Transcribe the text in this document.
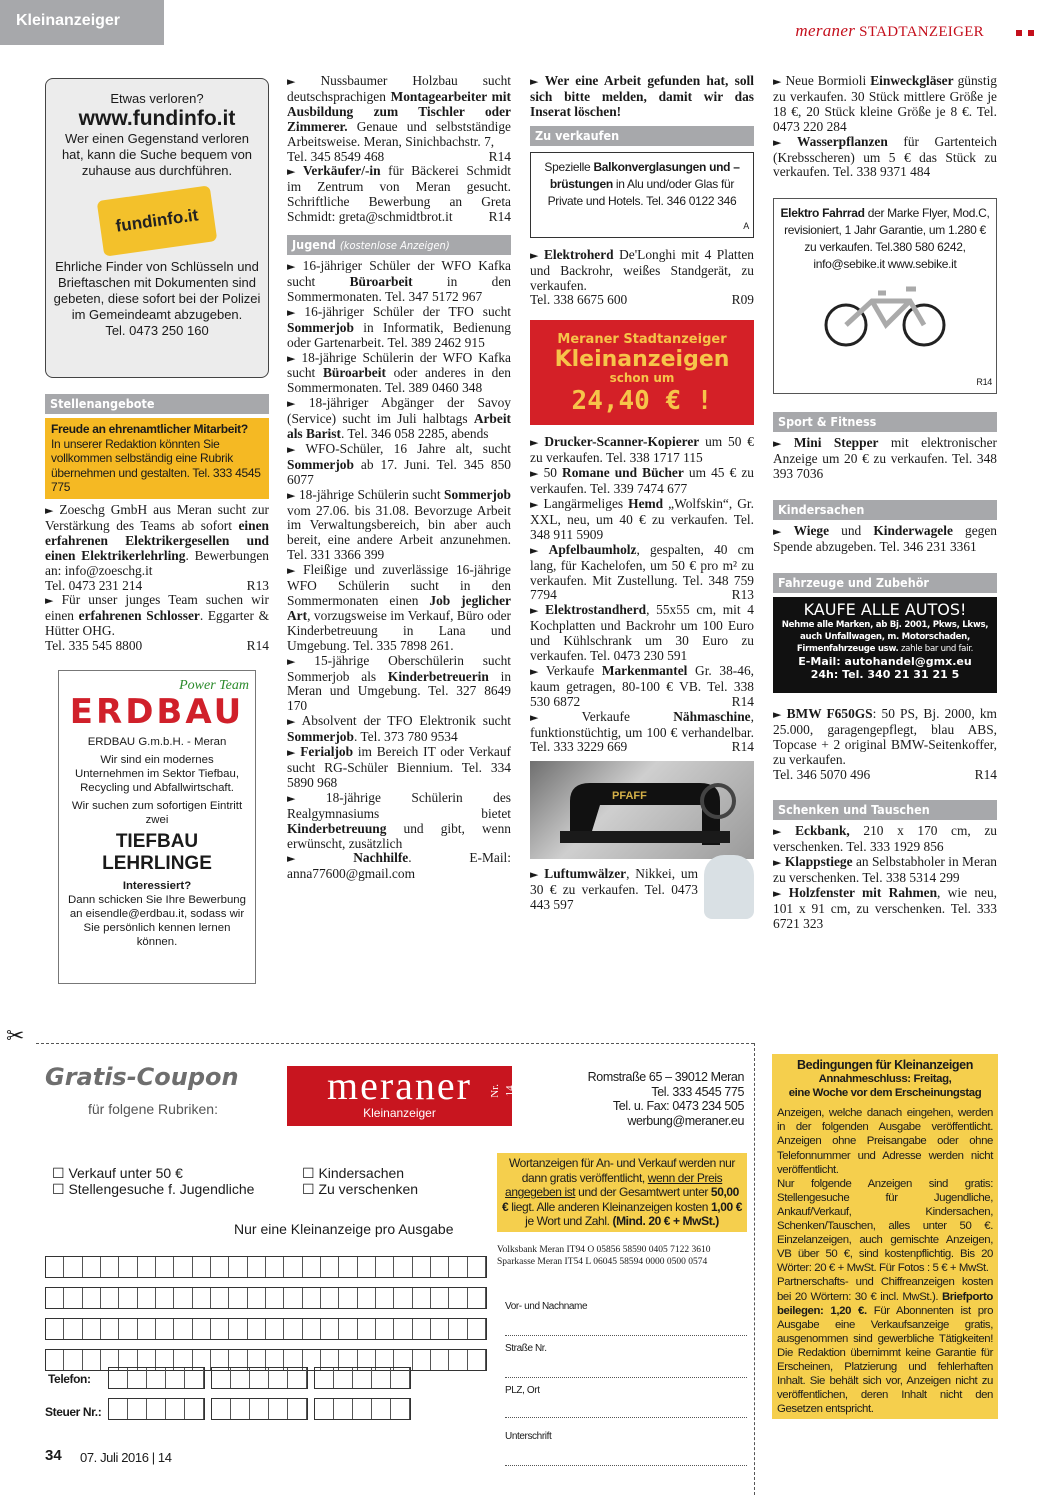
Kleinanzeiger
meraner STADTANZEIGER
Etwas verloren?
www.fundinfo.it
Wer einen Gegenstand verloren hat, kann die Suche bequem von zuhause aus durchführen.
fundinfo.it
Ehrliche Finder von Schlüsseln und Brieftaschen mit Dokumenten sind gebeten, diese sofort bei der Polizei im Gemeindeamt abzugeben.
Tel. 0473 250 160
Stellenangebote
Freude an ehrenamtlicher Mitarbeit?
In unserer Redaktion könnten Sie vollkommen selbständig eine Rubrik übernehmen und gestalten. Tel. 333 4545 775

► Zoeschg GmbH aus Meran sucht zur Verstärkung des Teams ab sofort einen erfahrenen Elektrikergesellen und einen Elektrikerlehrling. Bewerbungen an: info@zoeschg.it
Tel. 0473 231 214	R13

► Für unser junges Team suchen wir einen erfahrenen Schlosser. Eggarter & Hütter OHG.
Tel. 335 545 8800	R14

Power Team
ERDBAU
ERDBAU G.m.b.H. - Meran
Wir sind ein modernes Unternehmen im Sektor Tiefbau, Recycling und Abfallwirtschaft.
Wir suchen zum sofortigen Eintritt zwei
TIEFBAU
LEHRLINGE
Interessiert?
Dann schicken Sie Ihre Bewerbung an eisendle@erdbau.it, sodass wir Sie persönlich kennen lernen können.

► Nussbaumer Holzbau sucht deutschsprachigen Montagearbeiter mit Ausbildung zum Tischler oder Zimmerer. Genaue und selbstständige Arbeitsweise. Meran, Sinichbachstr. 7,
Tel. 345 8549 468	R14

► Verkäufer/-in für Bäckerei Schmidt im Zentrum von Meran gesucht. Schriftliche Bewerbung an Greta Schmidt: greta@schmidtbrot.it	R14

Jugend (kostenlose Anzeigen)

► 16-jähriger Schüler der WFO Kafka sucht Büroarbeit in den Sommermonaten. Tel. 347 5172 967

► 16-jähriger Schüler der TFO sucht Sommerjob in Informatik, Bedienung oder Gartenarbeit. Tel. 389 2462 915

► 18-jährige Schülerin der WFO Kafka sucht Büroarbeit oder anderes in den Sommermonaten. Tel. 389 0460 348

► 18-jähriger Abgänger der Savoy (Service) sucht im Juli halbtags Arbeit als Barist. Tel. 346 058 2285, abends

► WFO-Schüler, 16 Jahre alt, sucht Sommerjob ab 17. Juni. Tel. 345 850 6077

► 18-jährige Schülerin sucht Sommerjob vom 27.06. bis 31.08. Bevorzuge Arbeit im Verwaltungsbereich, bin aber auch bereit, eine andere Arbeit anzunehmen. Tel. 331 3366 399

► Fleißige und zuverlässige 16-jährige WFO Schülerin sucht in den Sommermonaten einen Job jeglicher Art, vorzugsweise im Verkauf, Büro oder Kinderbetreuung in Lana und Umgebung. Tel. 335 7898 261.

► 15-jährige Oberschülerin sucht Sommerjob als Kinderbetreuerin in Meran und Umgebung. Tel. 327 8649 170

► Absolvent der TFO Elektronik sucht Sommerjob. Tel. 373 780 9534

► Ferialjob im Bereich IT oder Verkauf sucht RG-Schüler Biennium. Tel. 334 5890 968

► 18-jährige Schülerin des Realgymnasiums bietet Kinderbetreuung und gibt, wenn erwünscht, zusätzlich

►	Nachhilfe. E-Mail: anna77600@gmail.com

► Wer eine Arbeit gefunden hat, soll sich bitte melden, damit wir das Inserat löschen!

Zu verkaufen
Spezielle Balkonverglasungen und –brüstungen in Alu und/oder Glas für Private und Hotels. Tel. 346 0122 346
A

► Elektroherd De'Longhi mit 4 Platten und Backrohr, weißes Standgerät, zu verkaufen.
Tel. 338 6675 600	R09

Meraner Stadtanzeiger
Kleinanzeigen
schon um
24,40 € !

► Drucker-Scanner-Kopierer um 50 € zu verkaufen. Tel. 338 1717 115

► 50 Romane und Bücher um 45 € zu verkaufen. Tel. 339 7474 677

► Langärmeliges Hemd „Wolfskin“, Gr. XXL, neu, um 40 € zu verkaufen. Tel. 348 911 5909

► Apfelbaumholz, gespalten, 40 cm lang, für Kachelofen, um 50 € pro m² zu verkaufen. Mit Zustellung. Tel. 348 759 7794	R13

► Elektrostandherd, 55x55 cm, mit 4 Kochplatten und Backrohr um 100 Euro und Kühlschrank um 30 Euro zu verkaufen. Tel. 0473 230 591

► Verkaufe Markenmantel Gr. 38-46, kaum getragen, 80-100 € VB. Tel. 338 530 6872	R14

►	Verkaufe Nähmaschine, funktionstüchtig, um 100 € verhandelbar. Tel. 333 3229 669	R14

PFAFF

► Luftumwälzer, Nikkei, um 30 € zu verkaufen. Tel. 0473 443 597

► Neue Bormioli Einweckgläser günstig zu verkaufen. 30 Stück mittlere Größe je 18 €, 20 Stück kleine Größe je 8 €. Tel. 0473 220 284

► Wasserpflanzen für Gartenteich (Krebsscheren) um 5 € das Stück zu verkaufen. Tel. 338 9371 484

Elektro Fahrrad der Marke Flyer, Mod.C, revisioniert, 1 Jahr Garantie, um 1.280 € zu verkaufen. Tel.380 580 6242, info@sebike.it www.sebike.it
R14
Sport & Fitness

► Mini Stepper mit elektronischer Anzeige um 20 € zu verkaufen. Tel. 348 393 7036

Kindersachen

► Wiege und Kinderwagele gegen Spende abzugeben. Tel. 346 231 3361

Fahrzeuge und Zubehör
KAUFE ALLE AUTOS!
Nehme alle Marken, ab Bj. 2001, Pkws, Lkws, auch Unfallwagen, m. Motorschaden, Firmenfahrzeuge usw. zahle bar und fair.
E-Mail: autohandel@gmx.eu
24h: Tel. 340 21 31 21 5

► BMW F650GS: 50 PS, Bj. 2000, km 25.000, garagengepflegt, blau ABS, Topcase + 2 original BMW-Seitenkoffer, zu verkaufen.
Tel. 346 5070 496	R14

Schenken und Tauschen

► Eckbank, 210 x 170 cm, zu verschenken. Tel. 333 1929 856

► Klappstiege an Selbstabholer in Meran zu verschenken. Tel. 338 5314 299

► Holzfenster mit Rahmen, wie neu, 101 x 91 cm, zu verschenken. Tel. 333 6721 323

✂
Gratis-Coupon
für folgene Rubriken:
meraner
Kleinanzeiger
Nr. 14
Romstraße 65 – 39012 Meran
Tel. 333 4545 775
Tel. u. Fax: 0473 234 505
werbung@meraner.eu
☐ Verkauf unter 50 €
☐ Stellengesuche f. Jugendliche
☐ Kindersachen
☐ Zu verschenken
Nur eine Kleinanzeige pro Ausgabe
Telefon:
Steuer Nr.:
Wortanzeigen für An- und Verkauf werden nur dann gratis veröffentlicht, wenn der Preis angegeben ist und der Gesamtwert unter 50,00 € liegt. Alle anderen Kleinanzeigen kosten 1,00 € je Wort und Zahl. (Mind. 20 € + MwSt.)
Volksbank Meran IT94 O 05856 58590 0405 7122 3610
Sparkasse Meran IT54 L 06045 58594 0000 0500 0574
Vor- und Nachname
Straße Nr.
PLZ, Ort
Unterschrift
Bedingungen für Kleinanzeigen
Annahmeschluss: Freitag,
eine Woche vor dem Erscheinungstag
Anzeigen, welche danach eingehen, werden in der folgenden Ausgabe veröffentlicht. Anzeigen ohne Preisangabe oder ohne Telefonnummer und Adresse werden nicht veröffentlicht.
Nur folgende Anzeigen sind gratis: Stellengesuche für Jugendliche, Ankauf/Verkauf, Kindersachen, Schenken/Tauschen, alles unter 50 €. Einzelanzeigen, auch gemischte Anzeigen, VB über 50 €, sind kostenpflichtig. Bis 20 Wörter: 20 € + MwSt. Für Fotos : 5 € + MwSt.
Partnerschafts- und Chiffreanzeigen kosten bei 20 Wörtern: 30 € incl. MwSt.). Briefporto beilegen: 1,20 €. Für Abonnenten ist pro Ausgabe eine Verkaufsanzeige gratis, ausgenommen sind gewerbliche Tätigkeiten! Die Redaktion übernimmt keine Garantie für Erscheinen, Platzierung und fehlerhaften Inhalt. Sie behält sich vor, Anzeigen nicht zu veröffentlichen, deren Inhalt nicht den Gesetzen entspricht.
34 07. Juli 2016 | 14
